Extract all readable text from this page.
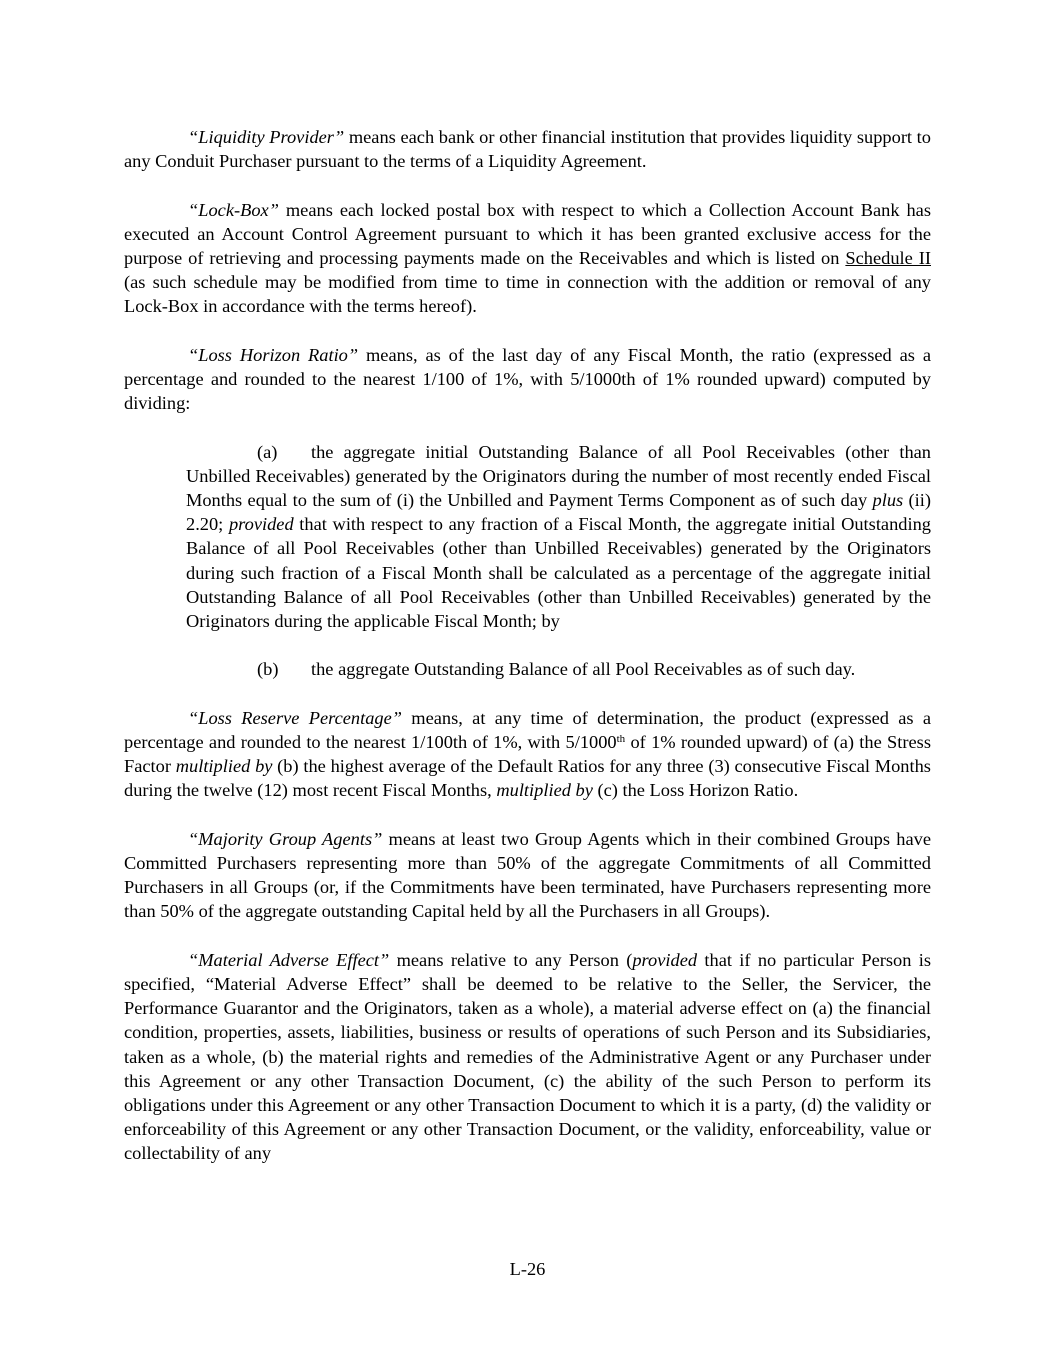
“Liquidity Provider” means each bank or other financial institution that provides liquidity support to any Conduit Purchaser pursuant to the terms of a Liquidity Agreement.

“Lock-Box” means each locked postal box with respect to which a Collection Account Bank has executed an Account Control Agreement pursuant to which it has been granted exclusive access for the purpose of retrieving and processing payments made on the Receivables and which is listed on Schedule II (as such schedule may be modified from time to time in connection with the addition or removal of any Lock-Box in accordance with the terms hereof).

“Loss Horizon Ratio” means, as of the last day of any Fiscal Month, the ratio (expressed as a percentage and rounded to the nearest 1/100 of 1%, with 5/1000th of 1% rounded upward) computed by dividing:

(a) the aggregate initial Outstanding Balance of all Pool Receivables (other than Unbilled Receivables) generated by the Originators during the number of most recently ended Fiscal Months equal to the sum of (i) the Unbilled and Payment Terms Component as of such day plus (ii) 2.20; provided that with respect to any fraction of a Fiscal Month, the aggregate initial Outstanding Balance of all Pool Receivables (other than Unbilled Receivables) generated by the Originators during such fraction of a Fiscal Month shall be calculated as a percentage of the aggregate initial Outstanding Balance of all Pool Receivables (other than Unbilled Receivables) generated by the Originators during the applicable Fiscal Month; by

(b) the aggregate Outstanding Balance of all Pool Receivables as of such day.

“Loss Reserve Percentage” means, at any time of determination, the product (expressed as a percentage and rounded to the nearest 1/100th of 1%, with 5/1000th of 1% rounded upward) of (a) the Stress Factor multiplied by (b) the highest average of the Default Ratios for any three (3) consecutive Fiscal Months during the twelve (12) most recent Fiscal Months, multiplied by (c) the Loss Horizon Ratio.

“Majority Group Agents” means at least two Group Agents which in their combined Groups have Committed Purchasers representing more than 50% of the aggregate Commitments of all Committed Purchasers in all Groups (or, if the Commitments have been terminated, have Purchasers representing more than 50% of the aggregate outstanding Capital held by all the Purchasers in all Groups).

“Material Adverse Effect” means relative to any Person (provided that if no particular Person is specified, “Material Adverse Effect” shall be deemed to be relative to the Seller, the Servicer, the Performance Guarantor and the Originators, taken as a whole), a material adverse effect on (a) the financial condition, properties, assets, liabilities, business or results of operations of such Person and its Subsidiaries, taken as a whole, (b) the material rights and remedies of the Administrative Agent or any Purchaser under this Agreement or any other Transaction Document, (c) the ability of the such Person to perform its obligations under this Agreement or any other Transaction Document to which it is a party, (d) the validity or enforceability of this Agreement or any other Transaction Document, or the validity, enforceability, value or collectability of any

L-26
